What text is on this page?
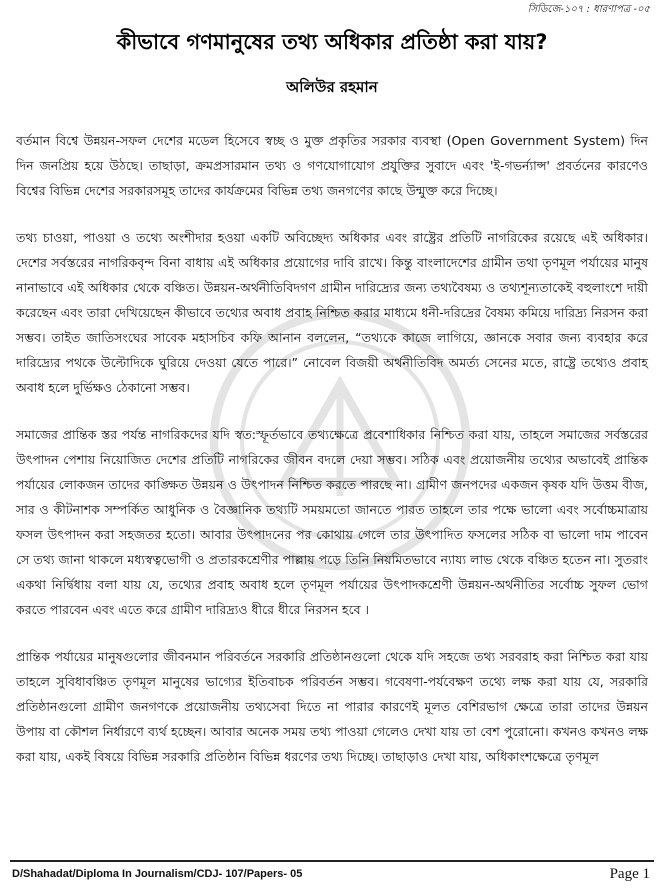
সিডিজে-১০৭ : ধারণাপত্র -০৫
কীভাবে গণমানুষের তথ্য অধিকার প্রতিষ্ঠা করা যায়?
অলিউর রহমান

বর্তমান বিশ্বে উন্নয়ন-সফল দেশের মডেল হিসেবে স্বচ্ছ ও মুক্ত প্রকৃতির সরকার ব্যবস্থা (Open Government System) দিন দিন জনপ্রিয় হয়ে উঠছে। তাছাড়া, ক্রমপ্রসারমান তথ্য ও গণযোগাযোগ প্রযুক্তির সুবাদে এবং 'ই-গভর্ন্যান্স' প্রবর্তনের কারণেও বিশ্বের বিভিন্ন দেশের সরকারসমূহ তাদের কার্যক্রমের বিভিন্ন তথ্য জনগণের কাছে উন্মুক্ত করে দিচ্ছে।

তথ্য চাওয়া, পাওয়া ও তথ্যে অংশীদার হওয়া একটি অবিচ্ছেদ্য অধিকার এবং রাষ্ট্রের প্রতিটি নাগরিকের রয়েছে এই অধিকার। দেশের সর্বস্তরের নাগরিকবৃন্দ বিনা বাধায় এই অধিকার প্রয়োগের দাবি রাখে। কিন্তু বাংলাদেশের গ্রামীন তথা তৃণমূল পর্যায়ের মানুষ নানাভাবে এই অধিকার থেকে বঞ্চিত। উন্নয়ন-অর্থনীতিবিদগণ গ্রামীন দারিদ্র্যের জন্য তথ্যবৈষম্য ও তথ্যশূন্যতাকেই বহুলাংশে দায়ী করেছেন এবং তারা দেখিয়েছেন কীভাবে তথ্যের অবাধ প্রবাহ নিশ্চিত করার মাধ্যমে ধনী-দরিদ্রের বৈষম্য কমিয়ে দারিদ্র্য নিরসন করা সম্ভব। তাইত জাতিসংঘের সাবেক মহাসচিব কফি আনান বললেন, “তথ্যকে কাজে লাগিয়ে, জ্ঞানকে সবার জন্য ব্যবহার করে দারিদ্র্যের পথকে উল্টোদিকে ঘুরিয়ে দেওয়া যেতে পারে।” নোবেল বিজয়ী অর্থনীতিবিদ অমর্ত্য সেনের মতে, রাষ্ট্রে তথ্যেও প্রবাহ অবাধ হলে দুর্ভিক্ষও ঠেকানো সম্ভব।

সমাজের প্রান্তিক স্তর পর্যন্ত নাগরিকদের যদি স্বত:স্ফূর্তভাবে তথ্যক্ষেত্রে প্রবেশাধিকার নিশ্চিত করা যায়, তাহলে সমাজের সর্বস্তরের উৎপাদন পেশায় নিয়োজিত দেশের প্রতিটি নাগরিকের জীবন বদলে দেয়া সম্ভব। সঠিক এবং প্রয়োজনীয় তথ্যের অভাবেই প্রান্তিক পর্যায়ের লোকজন তাদের কাঙ্ক্ষিত উন্নয়ন ও উৎপাদন নিশ্চিত করতে পারছে না। গ্রামীণ জনপদের একজন কৃষক যদি উত্তম বীজ, সার ও কীটনাশক সম্পর্কিত আধুনিক ও বৈজ্ঞানিক তথ্যটি সময়মতো জানতে পারত তাহলে তার পক্ষে ভালো এবং সর্বোচ্চমাত্রায় ফসল উৎপাদন করা সহজতর হতো। আবার উৎপাদনের পর কোথায় গেলে তার উৎপাদিত ফসলের সঠিক বা ভালো দাম পাবেন সে তথ্য জানা থাকলে মধ্যস্বত্বভোগী ও প্রতারকশ্রেণীর পাল্লায় পড়ে তিনি নিয়মিতভাবে ন্যায্য লাভ থেকে বঞ্চিত হতেন না। সুতরাং একথা নির্দ্বিধায় বলা যায় যে, তথ্যের প্রবাহ অবাধ হলে তৃণমূল পর্যায়ের উৎপাদকশ্রেণী উন্নয়ন-অর্থনীতির সর্বোচ্চ সুফল ভোগ করতে পারবেন এবং এতে করে গ্রামীণ দারিদ্র্যও ধীরে ধীরে নিরসন হবে ।

প্রান্তিক পর্যায়ের মানুষগুলোর জীবনমান পরিবর্তনে সরকারি প্রতিষ্ঠানগুলো থেকে যদি সহজে তথ্য সরবরাহ করা নিশ্চিত করা যায় তাহলে সুবিধাবঞ্চিত তৃণমূল মানুষের ভাগ্যের ইতিবাচক পরিবর্তন সম্ভব। গবেষণা-পর্যবেক্ষণ তথ্যে লক্ষ করা যায় যে, সরকারি প্রতিষ্ঠানগুলো গ্রামীণ জনগণকে প্রয়োজনীয় তথ্যসেবা দিতে না পারার কারণেই মূলত বেশিরভাগ ক্ষেত্রে তারা তাদের উন্নয়ন উপায় বা কৌশল নির্ধারণে ব্যর্থ হচ্ছেন। আবার অনেক সময় তথ্য পাওয়া গেলেও দেখা যায় তা বেশ পুরোনো। কখনও কখনও লক্ষ করা যায়, একই বিষয়ে বিভিন্ন সরকারি প্রতিষ্ঠান বিভিন্ন ধরণের তথ্য দিচ্ছে। তাছাড়াও দেখা যায়, অধিকাংশক্ষেত্রে তৃণমূল

D/Shahadat/Diploma In Journalism/CDJ- 107/Papers- 05	Page 1
